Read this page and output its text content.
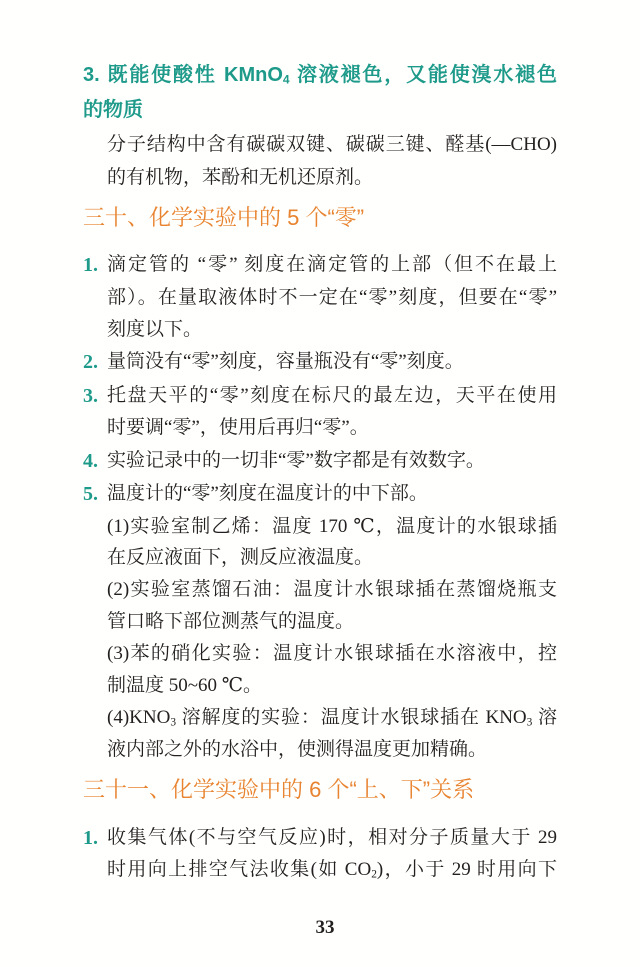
3. 既能使酸性 KMnO$_4$ 溶液褪色，又能使溴水褪色
的物质
分子结构中含有碳碳双键、碳碳三键、醛基(—CHO)
的有机物，苯酚和无机还原剂。
三十、化学实验中的 5 个“零”
1. 滴定管的 “零” 刻度在滴定管的上部（但不在最上
部）。在量取液体时不一定在“零”刻度，但要在“零”
刻度以下。
2. 量筒没有“零”刻度，容量瓶没有“零”刻度。
3. 托盘天平的“零”刻度在标尺的最左边，天平在使用
时要调“零”，使用后再归“零”。
4. 实验记录中的一切非“零”数字都是有效数字。
5. 温度计的“零”刻度在温度计的中下部。
(1)实验室制乙烯：温度 170 ℃，温度计的水银球插
在反应液面下，测反应液温度。
(2)实验室蒸馏石油：温度计水银球插在蒸馏烧瓶支
管口略下部位测蒸气的温度。
(3)苯的硝化实验：温度计水银球插在水溶液中，控
制温度 50~60 ℃。
$(4)KNO_3$ 溶解度的实验：温度计水银球插在 $KNO_3$ 溶
液内部之外的水浴中，使测得温度更加精确。
三十一、化学实验中的 6 个“上、下”关系
1. 收集气体(不与空气反应)时，相对分子质量大于 29
时用向上排空气法收集(如 $CO_2$)，小于 29 时用向下
33
